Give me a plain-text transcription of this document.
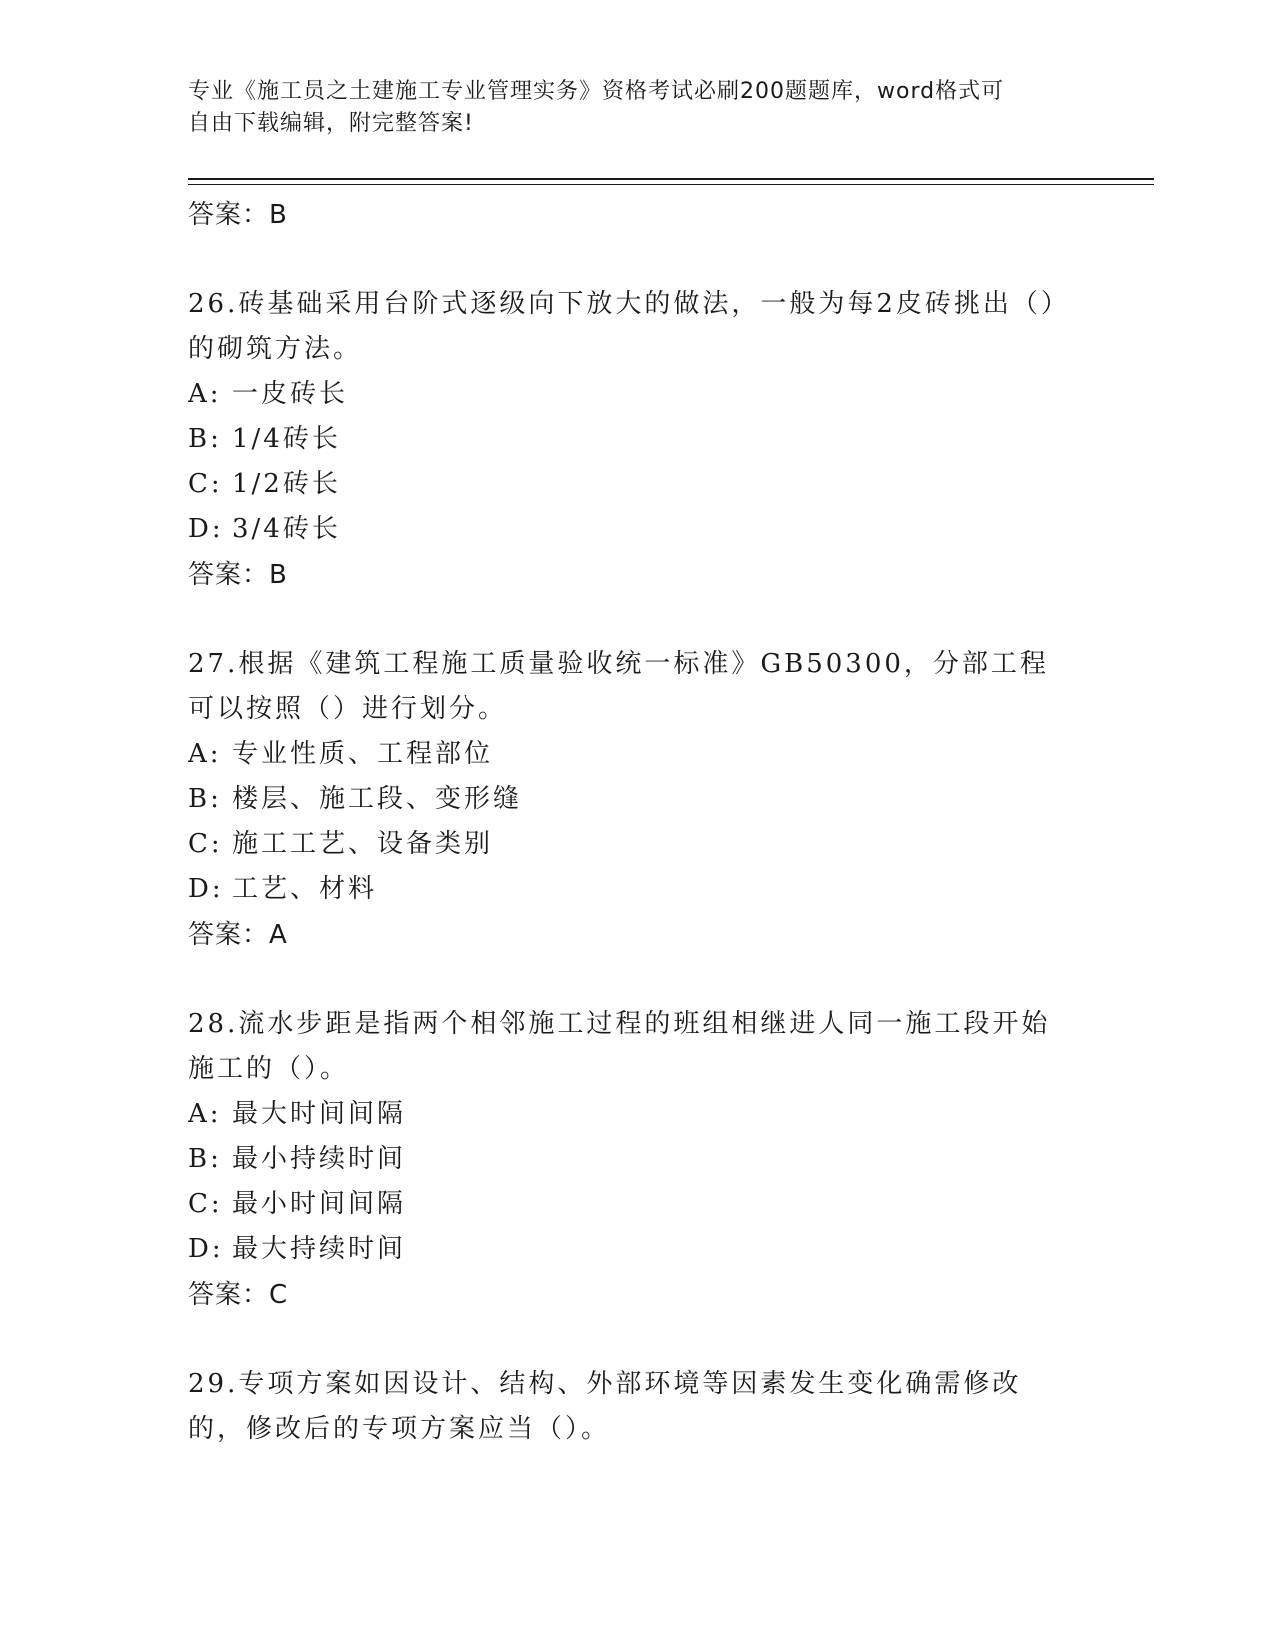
专业《施工员之土建施工专业管理实务》资格考试必刷200题题库，word格式可
自由下载编辑，附完整答案!
答案：B
26.砖基础采用台阶式逐级向下放大的做法，一般为每2皮砖挑出（）的砌筑方法。
A: 一皮砖长
B: 1/4砖长
C: 1/2砖长
D: 3/4砖长
答案：B
27.根据《建筑工程施工质量验收统一标准》GB50300，分部工程可以按照（）进行划分。
A: 专业性质、工程部位
B: 楼层、施工段、变形缝
C: 施工工艺、设备类别
D: 工艺、材料
答案：A
28.流水步距是指两个相邻施工过程的班组相继进人同一施工段开始施工的（）。
A: 最大时间间隔
B: 最小持续时间
C: 最小时间间隔
D: 最大持续时间
答案：C
29.专项方案如因设计、结构、外部环境等因素发生变化确需修改的，修改后的专项方案应当（）。
